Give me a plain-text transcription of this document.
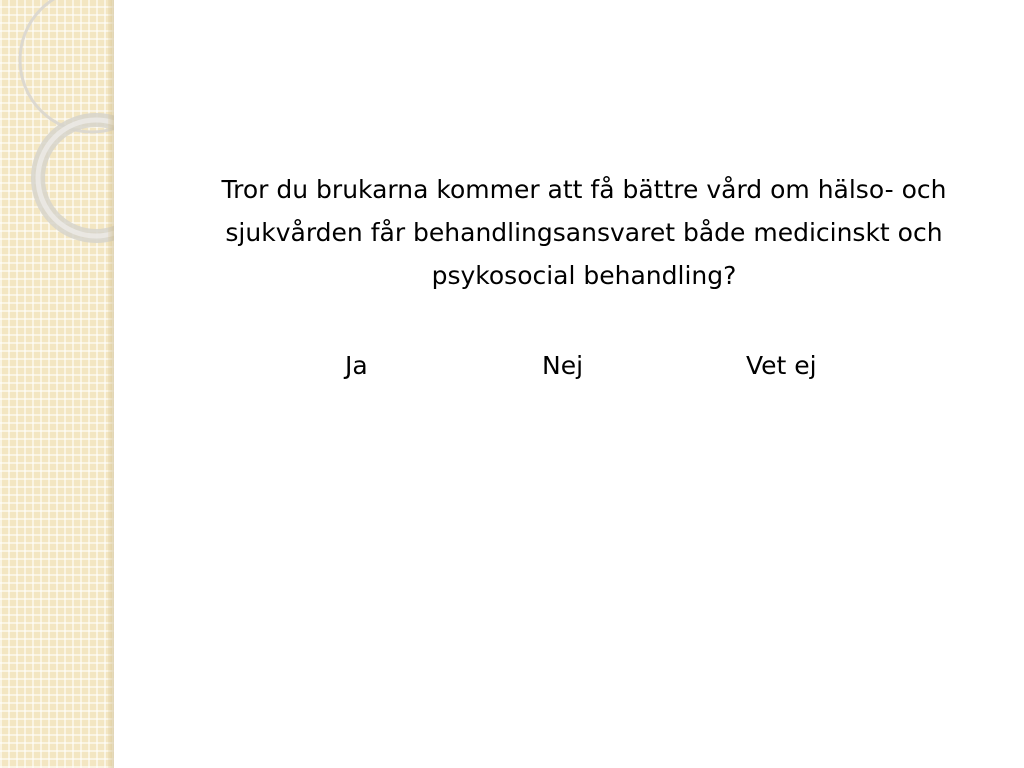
Tror du brukarna kommer att få bättre vård om hälso- och sjukvården får behandlingsansvaret både medicinskt och psykosocial behandling?

Ja	Nej	Vet ej
